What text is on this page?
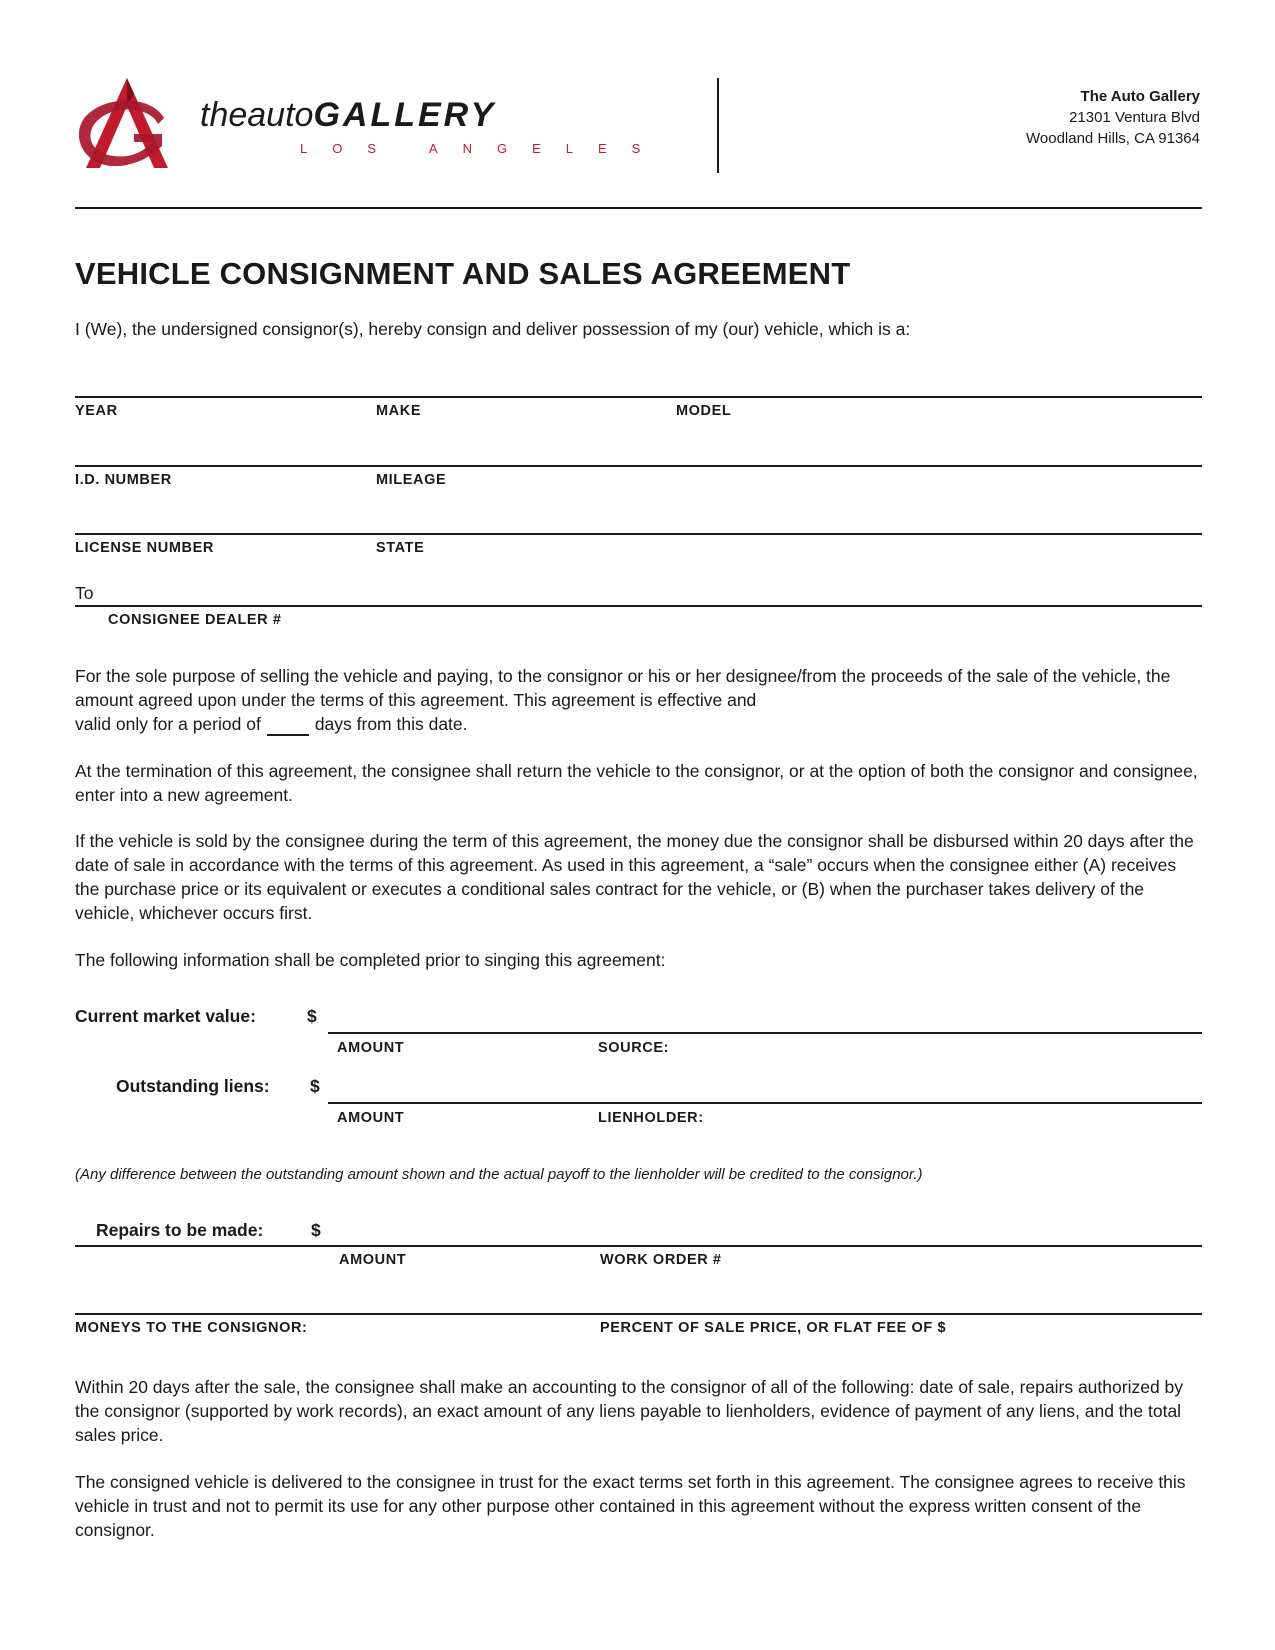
theautoGALLERY
LOS ANGELES
The Auto Gallery
21301 Ventura Blvd
Woodland Hills, CA 91364
VEHICLE CONSIGNMENT AND SALES AGREEMENT
I (We), the undersigned consignor(s), hereby consign and deliver possession of my (our) vehicle, which is a:
YEAR	MAKE	MODEL
I.D. NUMBER	MILEAGE
LICENSE NUMBER	STATE
To
CONSIGNEE DEALER #
For the sole purpose of selling the vehicle and paying, to the consignor or his or her designee/from the proceeds of the sale of the vehicle, the amount agreed upon under the terms of this agreement. This agreement is effective and
valid only for a period of	days from this date.
At the termination of this agreement, the consignee shall return the vehicle to the consignor, or at the option of both the consignor and consignee, enter into a new agreement.
If the vehicle is sold by the consignee during the term of this agreement, the money due the consignor shall be disbursed within 20 days after the date of sale in accordance with the terms of this agreement. As used in this agreement, a “sale” occurs when the consignee either (A) receives the purchase price or its equivalent or executes a conditional sales contract for the vehicle, or (B) when the purchaser takes delivery of the vehicle, whichever occurs first.
The following information shall be completed prior to singing this agreement:
Current market value:	$
AMOUNT	SOURCE:
Outstanding liens: $
AMOUNT	LIENHOLDER:
(Any difference between the outstanding amount shown and the actual payoff to the lienholder will be credited to the consignor.)
Repairs to be made:	$
AMOUNT	WORK ORDER #
MONEYS TO THE CONSIGNOR:	PERCENT OF SALE PRICE, OR FLAT FEE OF $
Within 20 days after the sale, the consignee shall make an accounting to the consignor of all of the following: date of sale, repairs authorized by the consignor (supported by work records), an exact amount of any liens payable to lienholders, evidence of payment of any liens, and the total sales price.
The consigned vehicle is delivered to the consignee in trust for the exact terms set forth in this agreement. The consignee agrees to receive this vehicle in trust and not to permit its use for any other purpose other contained in this agreement without the express written consent of the consignor.
